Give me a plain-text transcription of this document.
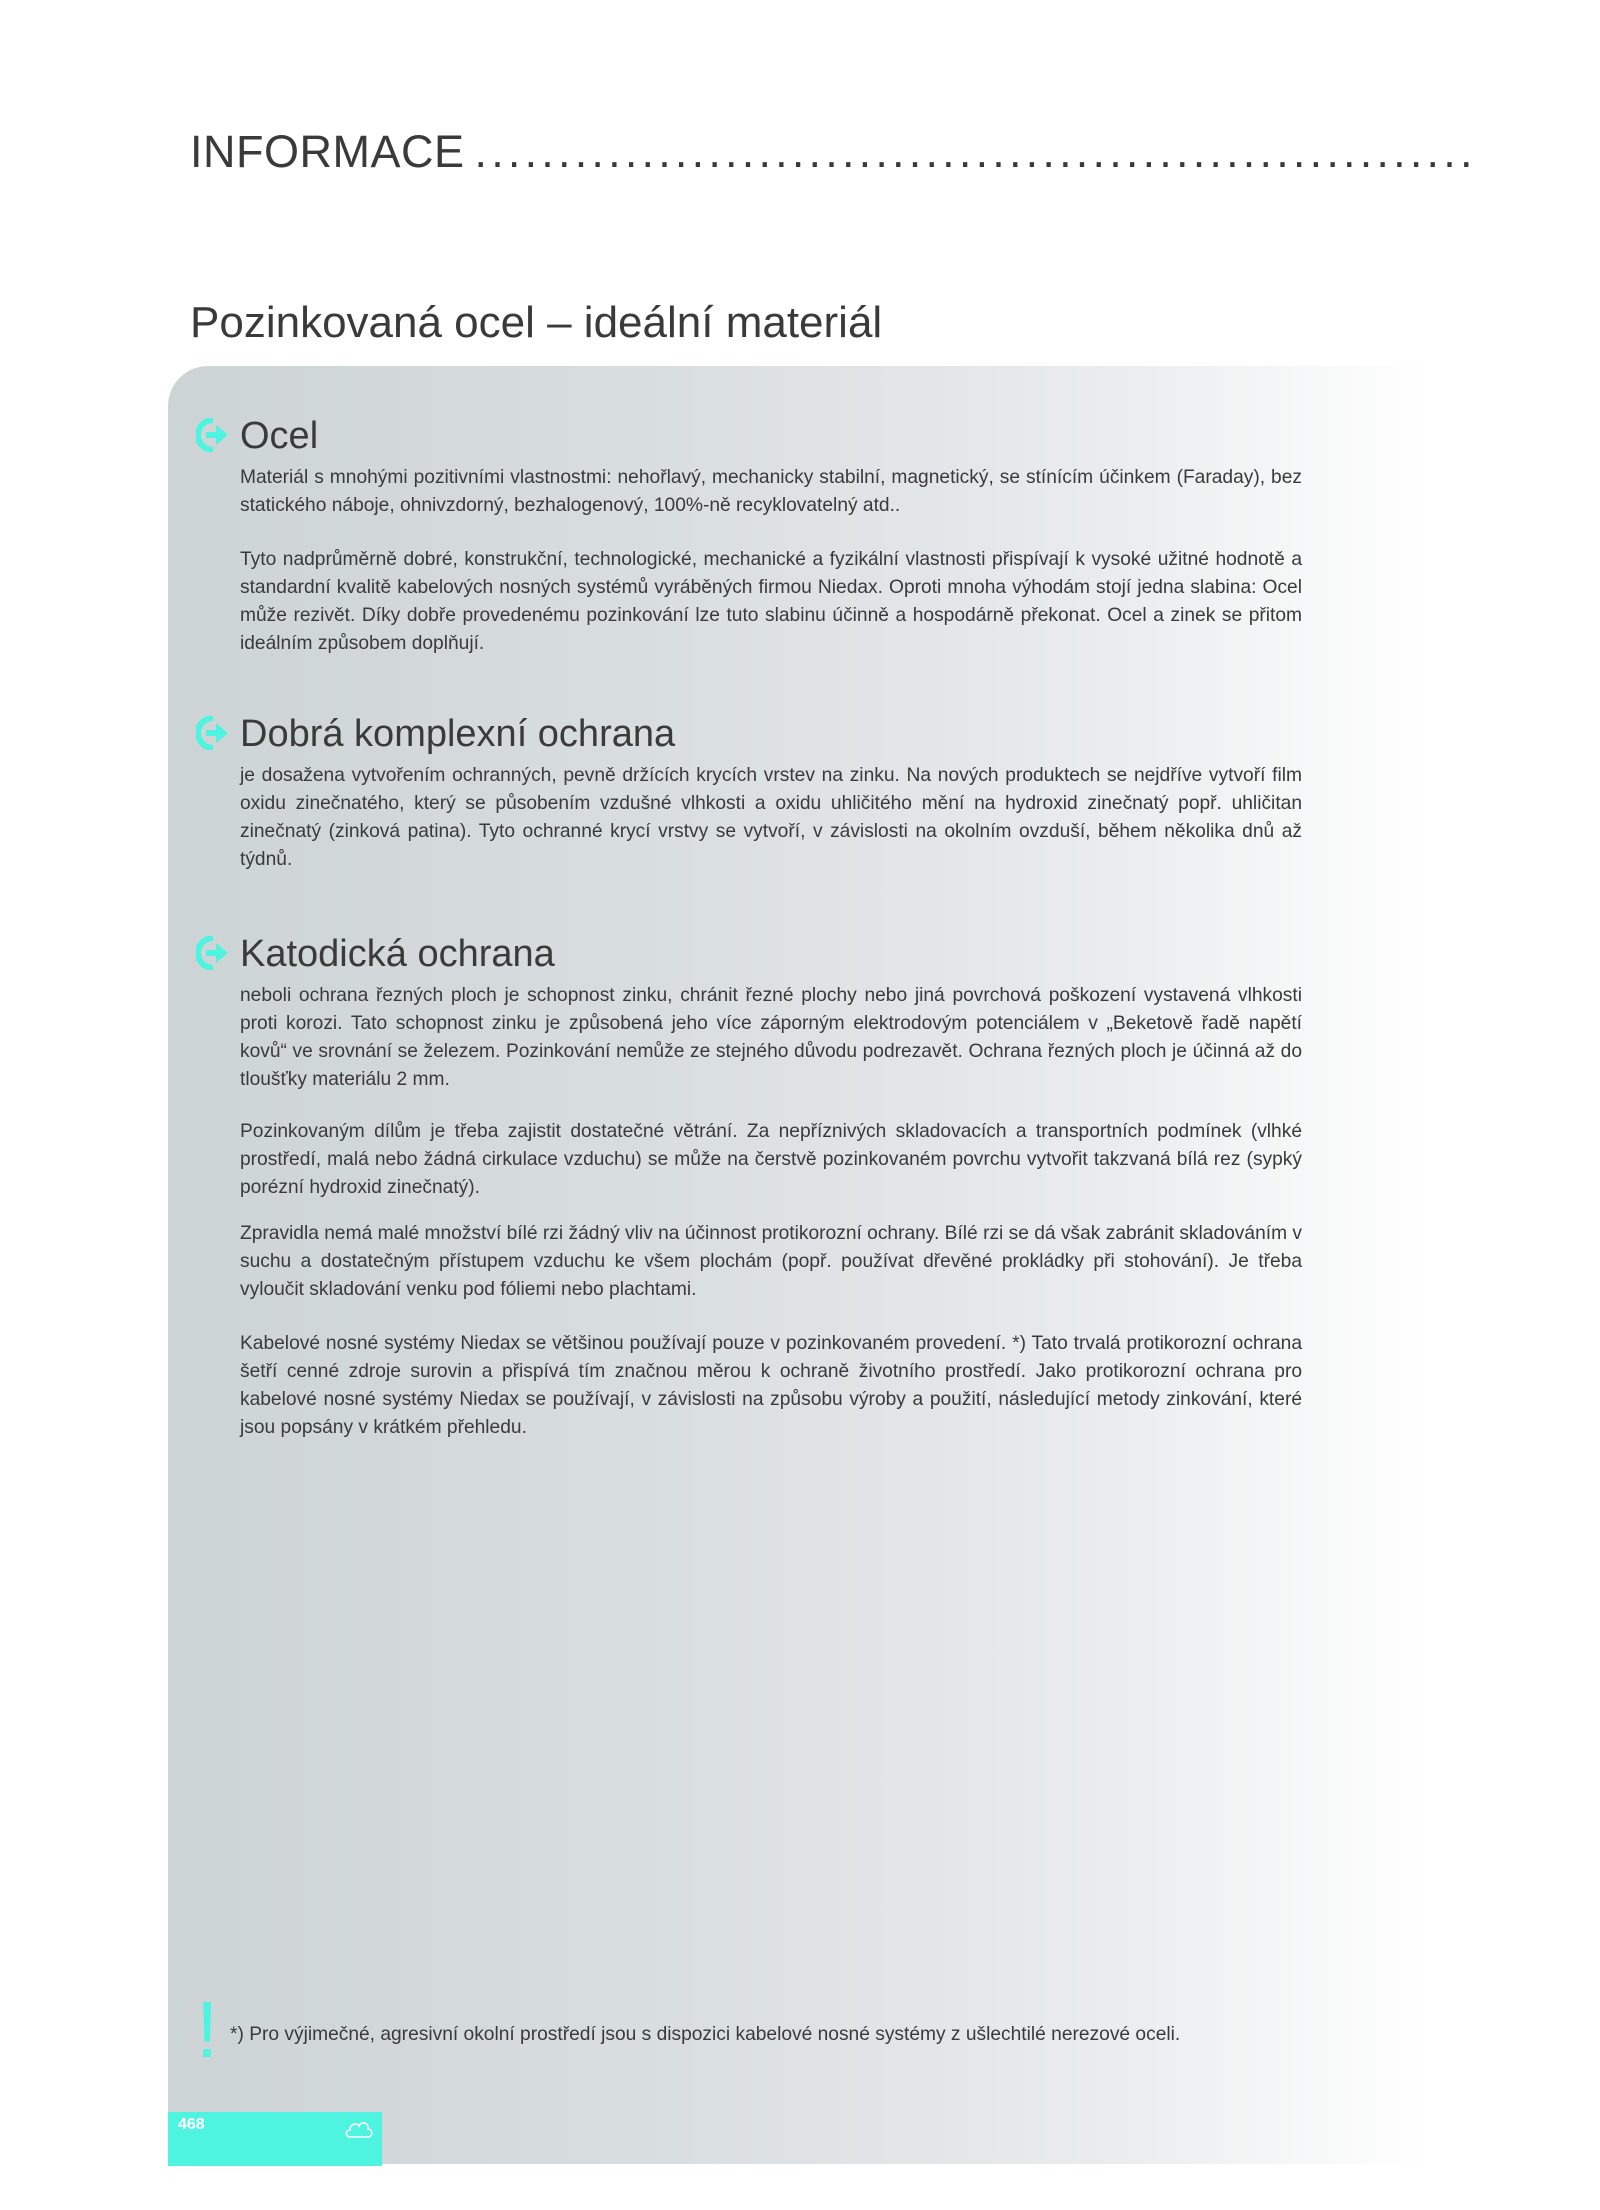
INFORMACE ............................................................
Pozinkovaná ocel – ideální materiál
Ocel

Materiál s mnohými pozitivními vlastnostmi: nehořlavý, mechanicky stabilní, magnetický, se stínícím účinkem (Faraday), bez statického náboje, ohnivzdorný, bezhalogenový, 100%-ně recyklovatelný atd..

Tyto nadprůměrně dobré, konstrukční, technologické, mechanické a fyzikální vlastnosti přispívají k vysoké užitné hodnotě a standardní kvalitě kabelových nosných systémů vyráběných firmou Niedax. Oproti mnoha výhodám stojí jedna slabina: Ocel může rezivět. Díky dobře provedenému pozinkování lze tuto slabinu účinně a hospodárně překonat. Ocel a zinek se přitom ideálním způsobem doplňují.

Dobrá komplexní ochrana

je dosažena vytvořením ochranných, pevně držících krycích vrstev na zinku. Na nových produktech se nejdříve vytvoří film oxidu zinečnatého, který se působením vzdušné vlhkosti a oxidu uhličitého mění na hydroxid zinečnatý popř. uhličitan zinečnatý (zinková patina). Tyto ochranné krycí vrstvy se vytvoří, v závislosti na okolním ovzduší, během několika dnů až týdnů.

Katodická ochrana

neboli ochrana řezných ploch je schopnost zinku, chránit řezné plochy nebo jiná povrchová poškození vystavená vlhkosti proti korozi. Tato schopnost zinku je způsobená jeho více záporným elektrodovým potenciálem v „Beketově řadě napětí kovů“ ve srovnání se železem. Pozinkování nemůže ze stejného důvodu podrezavět. Ochrana řezných ploch je účinná až do tloušťky materiálu 2 mm.

Pozinkovaným dílům je třeba zajistit dostatečné větrání. Za nepříznivých skladovacích a transportních podmínek (vlhké prostředí, malá nebo žádná cirkulace vzduchu) se může na čerstvě pozinkovaném povrchu vytvořit takzvaná bílá rez (sypký porézní hydroxid zinečnatý).

Zpravidla nemá malé množství bílé rzi žádný vliv na účinnost protikorozní ochrany. Bílé rzi se dá však zabránit skladováním v suchu a dostatečným přístupem vzduchu ke všem plochám (popř. používat dřevěné prokládky při stohování). Je třeba vyloučit skladování venku pod fóliemi nebo plachtami.

Kabelové nosné systémy Niedax se většinou používají pouze v pozinkovaném provedení. *) Tato trvalá protikorozní ochrana šetří cenné zdroje surovin a přispívá tím značnou měrou k ochraně životního prostředí. Jako protikorozní ochrana pro kabelové nosné systémy Niedax se používají, v závislosti na způsobu výroby a použití, následující metody zinkování, které jsou popsány v krátkém přehledu.

! *) Pro výjimečné, agresivní okolní prostředí jsou s dispozici kabelové nosné systémy z ušlechtilé nerezové oceli.
468
